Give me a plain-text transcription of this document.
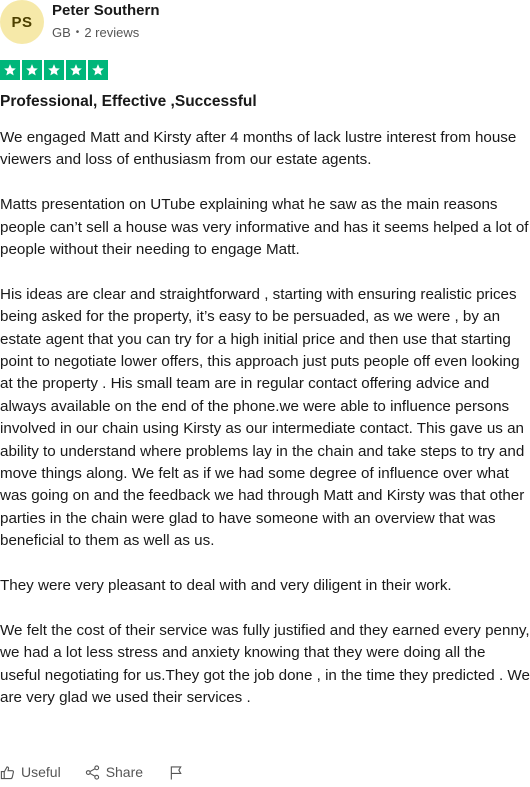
PS
Peter Southern
GB • 2 reviews
Professional, Effective ,Successful

We engaged Matt and Kirsty after 4 months of lack lustre interest from house viewers and loss of enthusiasm from our estate agents.

Matts presentation on UTube explaining what he saw as the main reasons people can’t sell a house was very informative and has it seems helped a lot of people without their needing to engage Matt.

His ideas are clear and straightforward , starting with ensuring realistic prices being asked for the property, it’s easy to be persuaded, as we were , by an estate agent that you can try for a high initial price and then use that starting point to negotiate lower offers, this approach just puts people off even looking at the property . His small team are in regular contact offering advice and always available on the end of the phone.we were able to influence persons involved in our chain using Kirsty as our intermediate contact. This gave us an ability to understand where problems lay in the chain and take steps to try and move things along. We felt as if we had some degree of influence over what was going on and the feedback we had through Matt and Kirsty was that other parties in the chain were glad to have someone with an overview that was beneficial to them as well as us.

They were very pleasant to deal with and very diligent in their work.

We felt the cost of their service was fully justified and they earned every penny, we had a lot less stress and anxiety knowing that they were doing all the useful negotiating for us.They got the job done , in the time they predicted . We are very glad we used their services .

Useful	Share
